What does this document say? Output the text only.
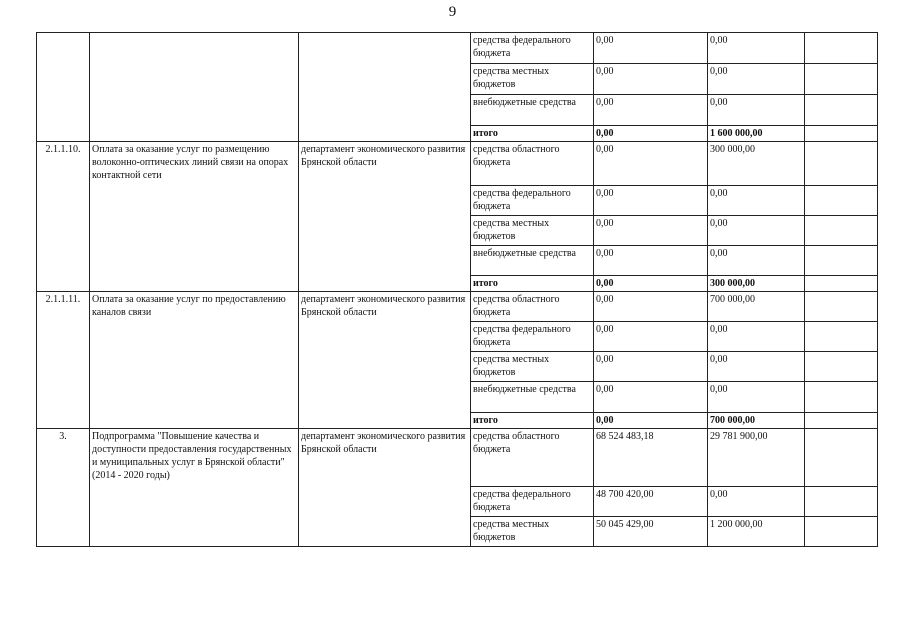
9
			средства федерального бюджета	0,00	0,00	
			средства местных бюджетов	0,00	0,00	
			внебюджетные средства	0,00	0,00	
			итого	0,00	1 600 000,00	
2.1.1.10.	Оплата за оказание услуг по размещению волоконно-оптических линий связи на опорах контактной сети	департамент экономического развития Брянской области	средства областного бюджета	0,00	300 000,00	
			средства федерального бюджета	0,00	0,00	
			средства местных бюджетов	0,00	0,00	
			внебюджетные средства	0,00	0,00	
			итого	0,00	300 000,00	
2.1.1.11.	Оплата за оказание услуг по предоставлению каналов связи	департамент экономического развития Брянской области	средства областного бюджета	0,00	700 000,00	
			средства федерального бюджета	0,00	0,00	
			средства местных бюджетов	0,00	0,00	
			внебюджетные средства	0,00	0,00	
			итого	0,00	700 000,00	
3.	Подпрограмма "Повышение качества и доступности предоставления государственных и муниципальных услуг в Брянской области" (2014 - 2020 годы)	департамент экономического развития Брянской области	средства областного бюджета	68 524 483,18	29 781 900,00	
			средства федерального бюджета	48 700 420,00	0,00	
			средства местных бюджетов	50 045 429,00	1 200 000,00	
